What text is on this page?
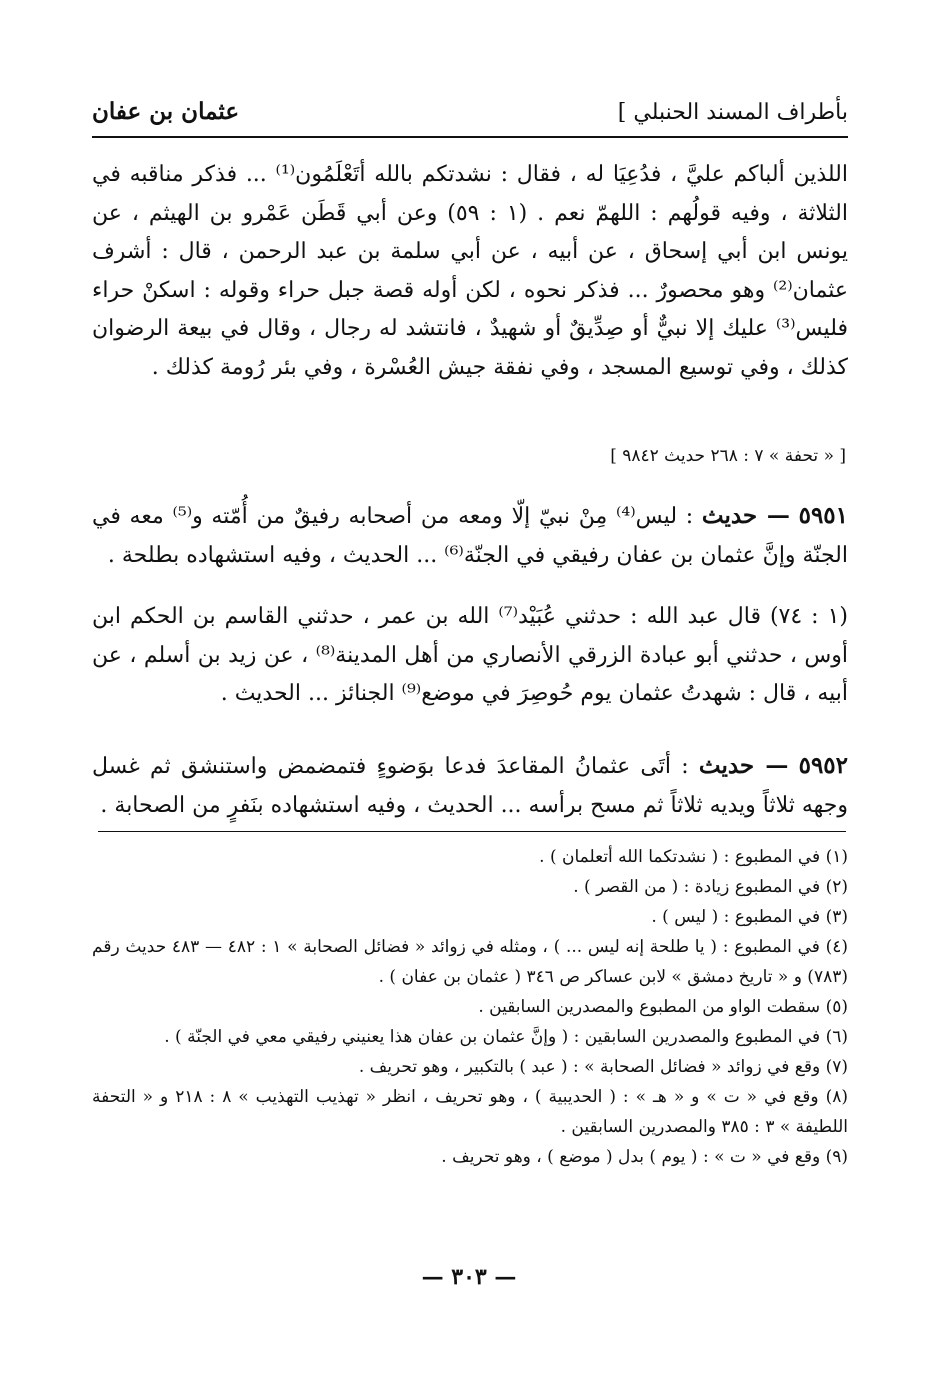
بأطراف المسند الحنبلي ]
عثمان بن عفان

اللذين ألباكم عليَّ ، فدُعِيَا له ، فقال : نشدتكم بالله أتَعْلَمُون⁽¹⁾ ... فذكر مناقبه في الثلاثة ، وفيه قولُهم : اللهمّ نعم . (١ : ٥٩) وعن أبي قَطَن عَمْرو بن الهيثم ، عن يونس ابن أبي إسحاق ، عن أبيه ، عن أبي سلمة بن عبد الرحمن ، قال : أشرف عثمان⁽²⁾ وهو محصورٌ ... فذكر نحوه ، لكن أوله قصة جبل حراء وقوله : اسكنْ حراء فليس⁽³⁾ عليك إلا نبيٌّ أو صِدِّيقٌ أو شهيدٌ ، فانتشد له رجال ، وقال في بيعة الرضوان كذلك ، وفي توسيع المسجد ، وفي نفقة جيش العُسْرة ، وفي بئر رُومة كذلك .

[ « تحفة » ٧ : ٢٦٨ حديث ٩٨٤٢ ]

٥٩٥١ — حديث : ليس⁽⁴⁾ مِنْ نبيّ إلّا ومعه من أصحابه رفيقٌ من أُمّته و⁽⁵⁾ معه في الجنّة وإنَّ عثمان بن عفان رفيقي في الجنّة⁽⁶⁾ ... الحديث ، وفيه استشهاده بطلحة .

(١ : ٧٤) قال عبد الله : حدثني عُبَيْد⁽⁷⁾ الله بن عمر ، حدثني القاسم بن الحكم ابن أوس ، حدثني أبو عبادة الزرقي الأنصاري من أهل المدينة⁽⁸⁾ ، عن زيد بن أسلم ، عن أبيه ، قال : شهدتُ عثمان يوم حُوصِرَ في موضع⁽⁹⁾ الجنائز ... الحديث .

٥٩٥٢ — حديث : أتَى عثمانُ المقاعدَ فدعا بوَضوءٍ فتمضمض واستنشق ثم غسل وجهه ثلاثاً ويديه ثلاثاً ثم مسح برأسه ... الحديث ، وفيه استشهاده بنَفرٍ من الصحابة .

(١) في المطبوع : ( نشدتكما الله أتعلمان ) .

(٢) في المطبوع زيادة : ( من القصر ) .

(٣) في المطبوع : ( ليس ) .

(٤) في المطبوع : ( يا طلحة إنه ليس ... ) ، ومثله في زوائد « فضائل الصحابة » ١ : ٤٨٢ — ٤٨٣ حديث رقم (٧٨٣) و « تاريخ دمشق » لابن عساكر ص ٣٤٦ ( عثمان بن عفان ) .

(٥) سقطت الواو من المطبوع والمصدرين السابقين .

(٦) في المطبوع والمصدرين السابقين : ( وإنَّ عثمان بن عفان هذا يعنيني رفيقي معي في الجنّة ) .

(٧) وقع في زوائد « فضائل الصحابة » : ( عبد ) بالتكبير ، وهو تحريف .

(٨) وقع في « ت » و « هـ » : ( الحديبية ) ، وهو تحريف ، انظر « تهذيب التهذيب » ٨ : ٢١٨ و « التحفة اللطيفة » ٣ : ٣٨٥ والمصدرين السابقين .

(٩) وقع في « ت » : ( يوم ) بدل ( موضع ) ، وهو تحريف .

— ٣٠٣ —
